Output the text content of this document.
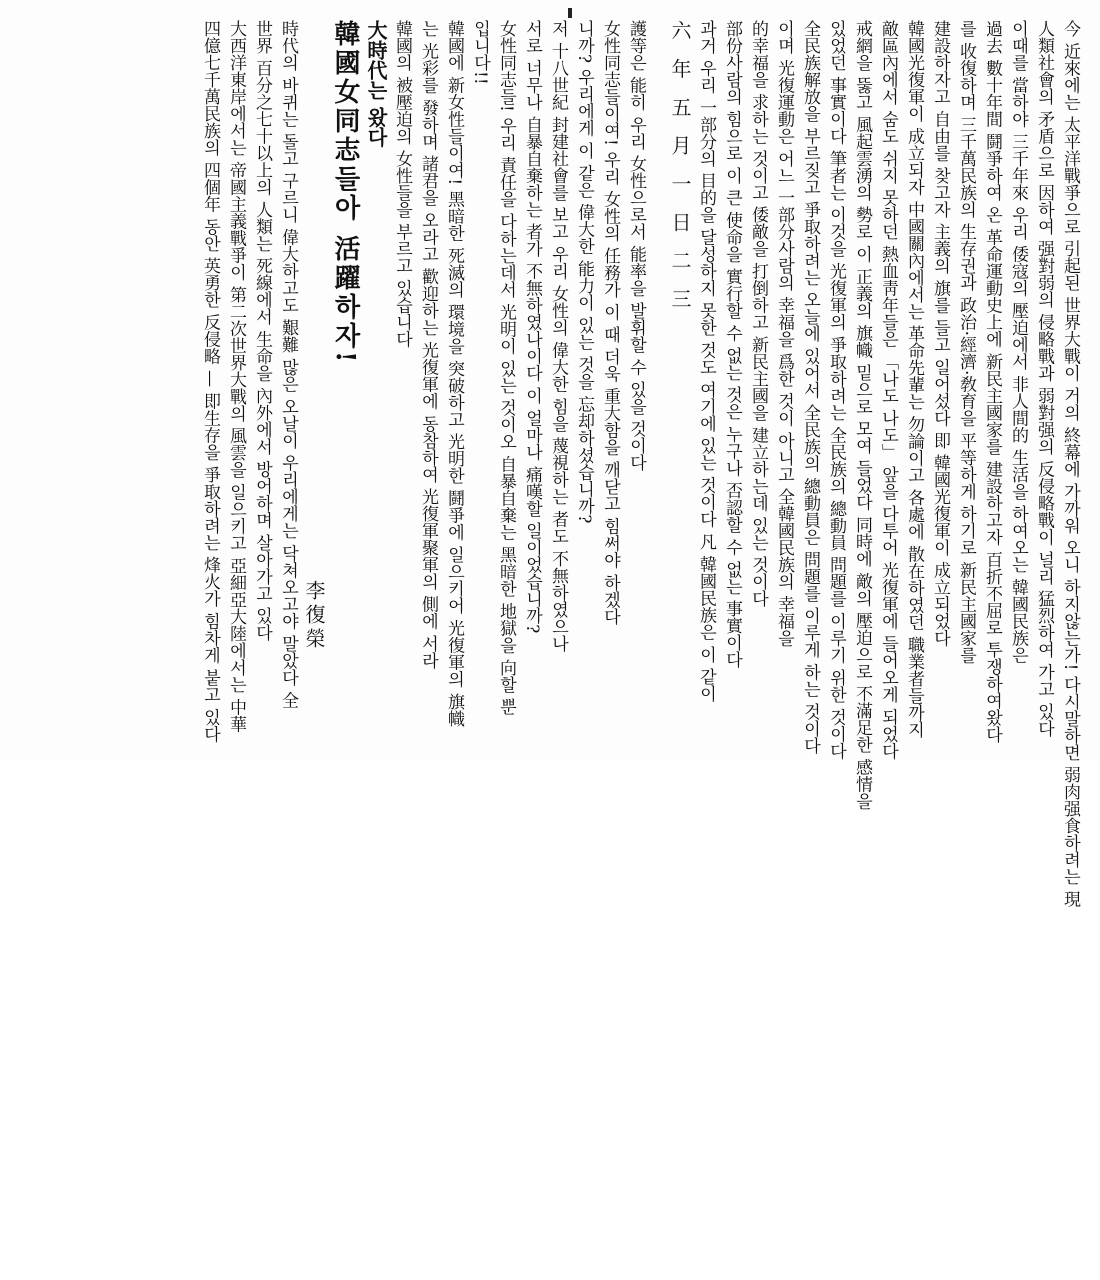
今 近來에는 太平洋戰爭으로 引起된 世界大戰이 거의 終幕에 가까워 오니 하지않는가! 다시말하면 弱肉强食하려는 現
人類社會의 矛盾으로 因하여 强對弱의 侵略戰과 弱對强의 反侵略戰이 널리 猛烈하여 가고 있다
이때를 當하야 三千年來 우리 倭寇의 壓迫에서 非人間的 生活을 하여오는 韓國民族은
過去 數十年間 鬪爭하여 온 革命運動史上에 新民主國家를 建設하고자 百折不屈로 투쟁하여왔다
를 收復하며 三千萬民族의 生存권과 政治·經濟·敎育을 平等하게 하기로 新民主國家를
建設하자고 自由를 찾고자 主義의 旗를 들고 일어섰다 即 韓國光復軍이 成立되었다
韓國光復軍이 成立되자 中國關內에서는 革命先輩는 勿論이고 各處에 散在하였던 職業者들까지
敵區內에서 숨도 쉬지 못하던 熱血靑年들은 「나도 나도」 앞을 다투어 光復軍에 들어오게 되었다
戒網을 뚫고 風起雲湧의 勢로 이 正義의 旗幟 밑으로 모여 들었다 同時에 敵의 壓迫으로 不滿足한 感情을
있었던 事實이다 筆者는 이것을 光復軍의 爭取하려는 全民族의 總動員 問題를 이루기 위한 것이다
全民族解放을 부르짖고 爭取하려는 오늘에 있어서 全民族의 總動員은 問題를 이루게 하는 것이다
이며 光復運動은 어느 一部分사람의 幸福을 爲한 것이 아니고 全韓國民族의 幸福을
的幸福을 求하는 것이고 倭敵을 打倒하고 新民主國을 建立하는데 있는 것이다
部份사람의 힘으로 이 큰 使命을 實行할 수 없는 것은 누구나 否認할 수 없는 事實이다
과거 우리 一部分의 目的을 달성하지 못한 것도 여기에 있는 것이다 凡 韓國民族은 이 같이
六 年 五 月 一 日 二 三
護等은 能히 우리 女性으로서 能率을 발휘할 수 있을 것이다
女性同志들이여! 우리 女性의 任務가 이 때 더욱 重大함을 깨닫고 힘써야 하겠다
니까? 우리에게 이 같은 偉大한 能力이 있는 것을 忘却하셨습니까?
저 十八世紀 封建社會를 보고 우리 女性의 偉大한 힘을 蔑視하는 者도 不無하였으나
서로 너무나 自暴自棄하는 者가 不無하였나이다 이 얼마나 痛嘆할 일이었습니까?
女性同志들! 우리 責任을 다하는데서 光明이 있는 것이오 自暴自棄는 黑暗한 地獄을 向할 뿐
입니다!!
韓國에 新女性들이여! 黑暗한 死滅의 環境을 突破하고 光明한 鬪爭에 일으키어 光復軍의 旗幟
는 光彩를 發하며 諸君을 오라고 歡迎하는 光復軍에 동참하여 光復軍聚軍의 側에 서라
韓國의 被壓迫의 女性들을 부르고 있습니다
大時代는 왔다
韓國女同志들아 活躍하자!
李復榮
時代의 바퀴는 돌고 구르니 偉大하고도 艱難 많은 오날이 우리에게는 닥쳐오고야 말았다 全
世界 百分之七十以上의 人類는 死線에서 生命을 內外에서 방어하며 살아가고 있다
大西洋東岸에서는 帝國主義戰爭이 第二次世界大戰의 風雲을 일으키고 亞細亞大陸에서는 中華
四億七千萬民族의 四個年 동안 英勇한 反侵略 — 即生存을 爭取하려는 烽火가 힘차게 붙고 있다
